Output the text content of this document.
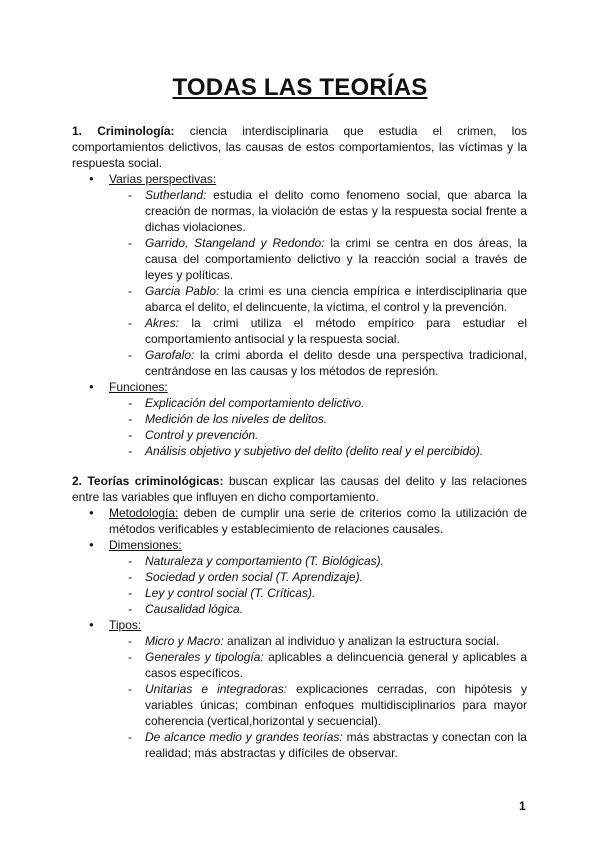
TODAS LAS TEORÍAS

1. Criminología: ciencia interdisciplinaria que estudia el crimen, los comportamientos delictivos, las causas de estos comportamientos, las víctimas y la respuesta social.

● Varias perspectivas:
- Sutherland: estudia el delito como fenomeno social, que abarca la creación de normas, la violación de estas y la respuesta social frente a dichas violaciones.
- Garrido, Stangeland y Redondo: la crimi se centra en dos áreas, la causa del comportamiento delictivo y la reacción social a través de leyes y políticas.
- Garcia Pablo: la crimi es una ciencia empírica e interdisciplinaria que abarca el delito, el delincuente, la víctima, el control y la prevención.
- Akres: la crimi utiliza el método empírico para estudiar el comportamiento antisocial y la respuesta social.
- Garofalo: la crimi aborda el delito desde una perspectiva tradicional, centrándose en las causas y los métodos de represión.
● Funciones:
- Explicación del comportamiento delictivo.
- Medición de los niveles de delitos.
- Control y prevención.
- Análisis objetivo y subjetivo del delito (delito real y el percibido).

2. Teorías criminológicas: buscan explicar las causas del delito y las relaciones entre las variables que influyen en dicho comportamiento.

● Metodología: deben de cumplir una serie de criterios como la utilización de métodos verificables y establecimiento de relaciones causales.
● Dimensiones:
- Naturaleza y comportamiento (T. Biológicas).
- Sociedad y orden social (T. Aprendizaje).
- Ley y control social (T. Críticas).
- Causalidad lógica.
● Tipos:
- Micro y Macro: analizan al individuo y analizan la estructura social.
- Generales y tipología: aplicables a delincuencia general y aplicables a casos específicos.
- Unitarias e integradoras: explicaciones cerradas, con hipótesis y variables únicas; combinan enfoques multidisciplinarios para mayor coherencia (vertical,horizontal y secuencial).
- De alcance medio y grandes teorías: más abstractas y conectan con la realidad; más abstractas y difíciles de observar.
1
